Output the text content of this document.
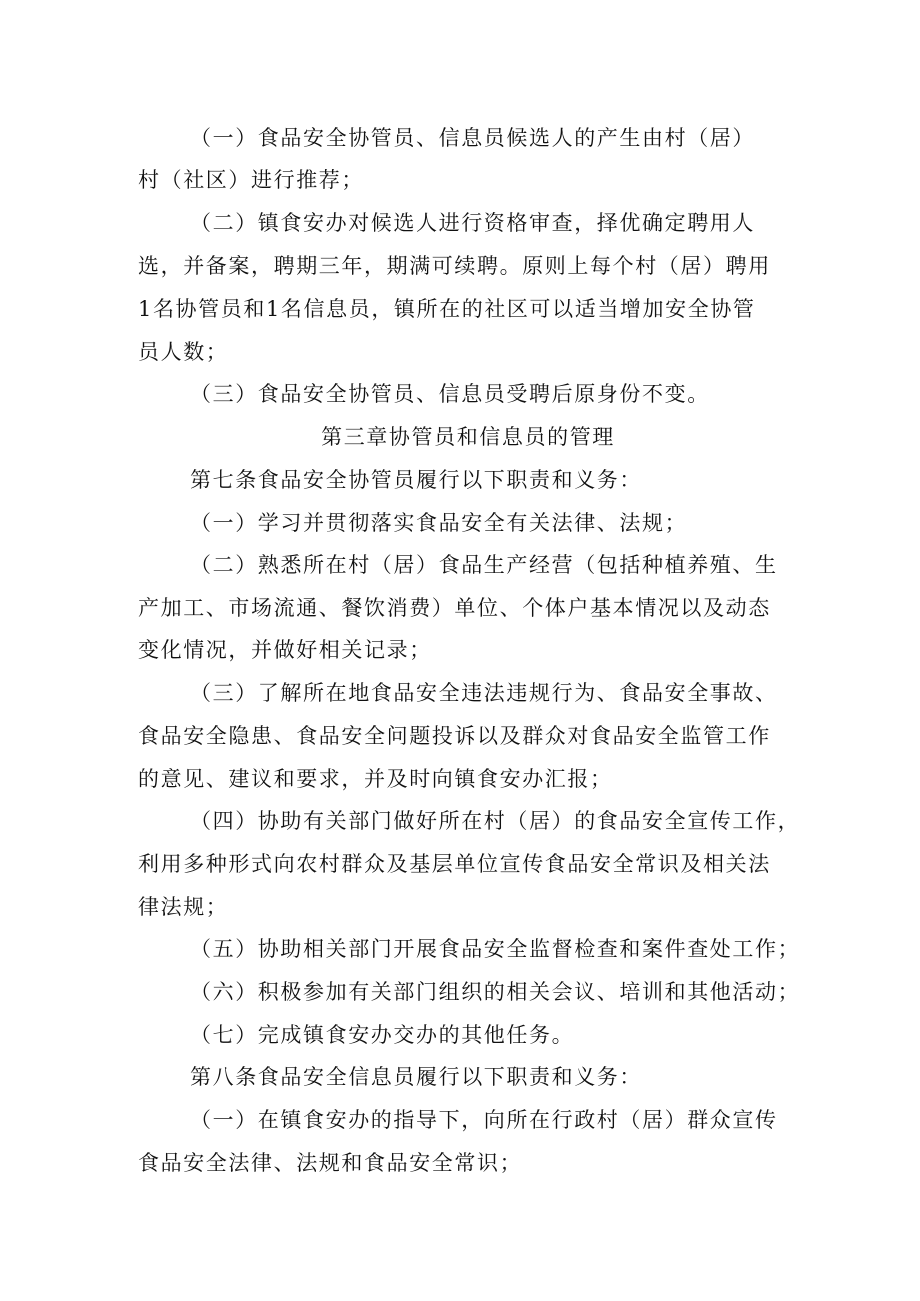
（一）食品安全协管员、信息员候选人的产生由村（居）
村（社区）进行推荐；
（二）镇食安办对候选人进行资格审查，择优确定聘用人
选，并备案，聘期三年，期满可续聘。原则上每个村（居）聘用
1名协管员和1名信息员，镇所在的社区可以适当增加安全协管
员人数；
（三）食品安全协管员、信息员受聘后原身份不变。
第三章协管员和信息员的管理
第七条食品安全协管员履行以下职责和义务：
（一）学习并贯彻落实食品安全有关法律、法规；
（二）熟悉所在村（居）食品生产经营（包括种植养殖、生
产加工、市场流通、餐饮消费）单位、个体户基本情况以及动态
变化情况，并做好相关记录；
（三）了解所在地食品安全违法违规行为、食品安全事故、
食品安全隐患、食品安全问题投诉以及群众对食品安全监管工作
的意见、建议和要求，并及时向镇食安办汇报；
（四）协助有关部门做好所在村（居）的食品安全宣传工作，
利用多种形式向农村群众及基层单位宣传食品安全常识及相关法
律法规；
（五）协助相关部门开展食品安全监督检查和案件查处工作；
（六）积极参加有关部门组织的相关会议、培训和其他活动；
（七）完成镇食安办交办的其他任务。
第八条食品安全信息员履行以下职责和义务：
（一）在镇食安办的指导下，向所在行政村（居）群众宣传
食品安全法律、法规和食品安全常识；
